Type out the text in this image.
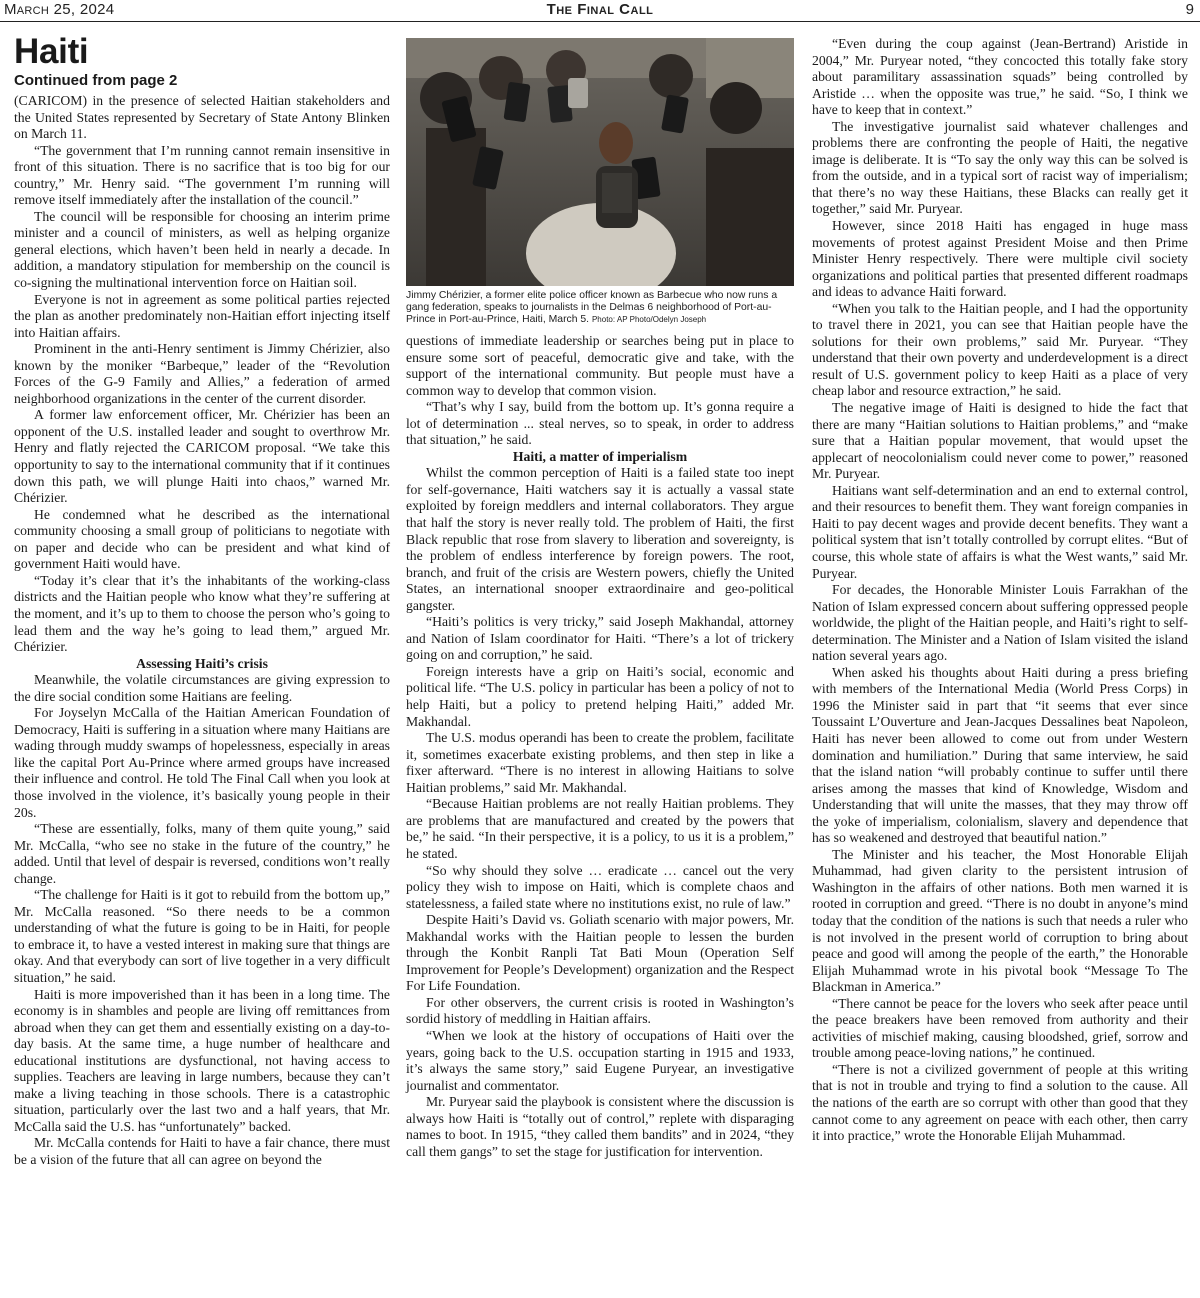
March 25, 2024	The Final Call	9
Haiti
Continued from page 2

(CARICOM) in the presence of selected Haitian stakeholders and the United States represented by Secretary of State Antony Blinken on March 11.

“The government that I’m running cannot remain insensitive in front of this situation. There is no sacrifice that is too big for our country,” Mr. Henry said. “The government I’m running will remove itself immediately after the installation of the council.”

The council will be responsible for choosing an interim prime minister and a council of ministers, as well as helping organize general elections, which haven’t been held in nearly a decade. In addition, a mandatory stipulation for membership on the council is co-signing the multinational intervention force on Haitian soil.

Everyone is not in agreement as some political parties rejected the plan as another predominately non-Haitian effort injecting itself into Haitian affairs.

Prominent in the anti-Henry sentiment is Jimmy Chérizier, also known by the moniker “Barbeque,” leader of the “Revolution Forces of the G-9 Family and Allies,” a federation of armed neighborhood organizations in the center of the current disorder.

A former law enforcement officer, Mr. Chérizier has been an opponent of the U.S. installed leader and sought to overthrow Mr. Henry and flatly rejected the CARICOM proposal. “We take this opportunity to say to the international community that if it continues down this path, we will plunge Haiti into chaos,” warned Mr. Chérizier.

He condemned what he described as the international community choosing a small group of politicians to negotiate with on paper and decide who can be president and what kind of government Haiti would have.

“Today it’s clear that it’s the inhabitants of the working-class districts and the Haitian people who know what they’re suffering at the moment, and it’s up to them to choose the person who’s going to lead them and the way he’s going to lead them,” argued Mr. Chérizier.

Assessing Haiti’s crisis

Meanwhile, the volatile circumstances are giving expression to the dire social condition some Haitians are feeling.

For Joyselyn McCalla of the Haitian American Foundation of Democracy, Haiti is suffering in a situation where many Haitians are wading through muddy swamps of hopelessness, especially in areas like the capital Port Au-Prince where armed groups have increased their influence and control. He told The Final Call when you look at those involved in the violence, it’s basically young people in their 20s.

“These are essentially, folks, many of them quite young,” said Mr. McCalla, “who see no stake in the future of the country,” he added. Until that level of despair is reversed, conditions won’t really change.

“The challenge for Haiti is it got to rebuild from the bottom up,” Mr. McCalla reasoned. “So there needs to be a common understanding of what the future is going to be in Haiti, for people to embrace it, to have a vested interest in making sure that things are okay. And that everybody can sort of live together in a very difficult situation,” he said.

Haiti is more impoverished than it has been in a long time. The economy is in shambles and people are living off remittances from abroad when they can get them and essentially existing on a day-to-day basis. At the same time, a huge number of healthcare and educational institutions are dysfunctional, not having access to supplies. Teachers are leaving in large numbers, because they can’t make a living teaching in those schools. There is a catastrophic situation, particularly over the last two and a half years, that Mr. McCalla said the U.S. has “unfortunately” backed.

Mr. McCalla contends for Haiti to have a fair chance, there must be a vision of the future that all can agree on beyond the

Jimmy Chérizier, a former elite police officer known as Barbecue who now runs a gang federation, speaks to journalists in the Delmas 6 neighborhood of Port-au-Prince in Port-au-Prince, Haiti, March 5. Photo: AP Photo/Odelyn Joseph

questions of immediate leadership or searches being put in place to ensure some sort of peaceful, democratic give and take, with the support of the international community. But people must have a common way to develop that common vision.

“That’s why I say, build from the bottom up. It’s gonna require a lot of determination ... steal nerves, so to speak, in order to address that situation,” he said.

Haiti, a matter of imperialism

Whilst the common perception of Haiti is a failed state too inept for self-governance, Haiti watchers say it is actually a vassal state exploited by foreign meddlers and internal collaborators. They argue that half the story is never really told. The problem of Haiti, the first Black republic that rose from slavery to liberation and sovereignty, is the problem of endless interference by foreign powers. The root, branch, and fruit of the crisis are Western powers, chiefly the United States, an international snooper extraordinaire and geo-political gangster.

“Haiti’s politics is very tricky,” said Joseph Makhandal, attorney and Nation of Islam coordinator for Haiti. “There’s a lot of trickery going on and corruption,” he said.

Foreign interests have a grip on Haiti’s social, economic and political life. “The U.S. policy in particular has been a policy of not to help Haiti, but a policy to pretend helping Haiti,” added Mr. Makhandal.

The U.S. modus operandi has been to create the problem, facilitate it, sometimes exacerbate existing problems, and then step in like a fixer afterward. “There is no interest in allowing Haitians to solve Haitian problems,” said Mr. Makhandal.

“Because Haitian problems are not really Haitian problems. They are problems that are manufactured and created by the powers that be,” he said. “In their perspective, it is a policy, to us it is a problem,” he stated.

“So why should they solve … eradicate … cancel out the very policy they wish to impose on Haiti, which is complete chaos and statelessness, a failed state where no institutions exist, no rule of law.”

Despite Haiti’s David vs. Goliath scenario with major powers, Mr. Makhandal works with the Haitian people to lessen the burden through the Konbit Ranpli Tat Bati Moun (Operation Self Improvement for People’s Development) organization and the Respect For Life Foundation.

For other observers, the current crisis is rooted in Washington’s sordid history of meddling in Haitian affairs.

“When we look at the history of occupations of Haiti over the years, going back to the U.S. occupation starting in 1915 and 1933, it’s always the same story,” said Eugene Puryear, an investigative journalist and commentator.

Mr. Puryear said the playbook is consistent where the discussion is always how Haiti is “totally out of control,” replete with disparaging names to boot. In 1915, “they called them bandits” and in 2024, “they call them gangs” to set the stage for justification for intervention.

“Even during the coup against (Jean-Bertrand) Aristide in 2004,” Mr. Puryear noted, “they concocted this totally fake story about paramilitary assassination squads” being controlled by Aristide … when the opposite was true,” he said. “So, I think we have to keep that in context.”

The investigative journalist said whatever challenges and problems there are confronting the people of Haiti, the negative image is deliberate. It is “To say the only way this can be solved is from the outside, and in a typical sort of racist way of imperialism; that there’s no way these Haitians, these Blacks can really get it together,” said Mr. Puryear.

However, since 2018 Haiti has engaged in huge mass movements of protest against President Moise and then Prime Minister Henry respectively. There were multiple civil society organizations and political parties that presented different roadmaps and ideas to advance Haiti forward.

“When you talk to the Haitian people, and I had the opportunity to travel there in 2021, you can see that Haitian people have the solutions for their own problems,” said Mr. Puryear. “They understand that their own poverty and underdevelopment is a direct result of U.S. government policy to keep Haiti as a place of very cheap labor and resource extraction,” he said.

The negative image of Haiti is designed to hide the fact that there are many “Haitian solutions to Haitian problems,” and “make sure that a Haitian popular movement, that would upset the applecart of neocolonialism could never come to power,” reasoned Mr. Puryear.

Haitians want self-determination and an end to external control, and their resources to benefit them. They want foreign companies in Haiti to pay decent wages and provide decent benefits. They want a political system that isn’t totally controlled by corrupt elites. “But of course, this whole state of affairs is what the West wants,” said Mr. Puryear.

For decades, the Honorable Minister Louis Farrakhan of the Nation of Islam expressed concern about suffering oppressed people worldwide, the plight of the Haitian people, and Haiti’s right to self-determination. The Minister and a Nation of Islam visited the island nation several years ago.

When asked his thoughts about Haiti during a press briefing with members of the International Media (World Press Corps) in 1996 the Minister said in part that “it seems that ever since Toussaint L’Ouverture and Jean-Jacques Dessalines beat Napoleon, Haiti has never been allowed to come out from under Western domination and humiliation.” During that same interview, he said that the island nation “will probably continue to suffer until there arises among the masses that kind of Knowledge, Wisdom and Understanding that will unite the masses, that they may throw off the yoke of imperialism, colonialism, slavery and dependence that has so weakened and destroyed that beautiful nation.”

The Minister and his teacher, the Most Honorable Elijah Muhammad, had given clarity to the persistent intrusion of Washington in the affairs of other nations. Both men warned it is rooted in corruption and greed. “There is no doubt in anyone’s mind today that the condition of the nations is such that needs a ruler who is not involved in the present world of corruption to bring about peace and good will among the people of the earth,” the Honorable Elijah Muhammad wrote in his pivotal book “Message To The Blackman in America.”

“There cannot be peace for the lovers who seek after peace until the peace breakers have been removed from authority and their activities of mischief making, causing bloodshed, grief, sorrow and trouble among peace-loving nations,” he continued.

“There is not a civilized government of people at this writing that is not in trouble and trying to find a solution to the cause. All the nations of the earth are so corrupt with other than good that they cannot come to any agreement on peace with each other, then carry it into practice,” wrote the Honorable Elijah Muhammad.
